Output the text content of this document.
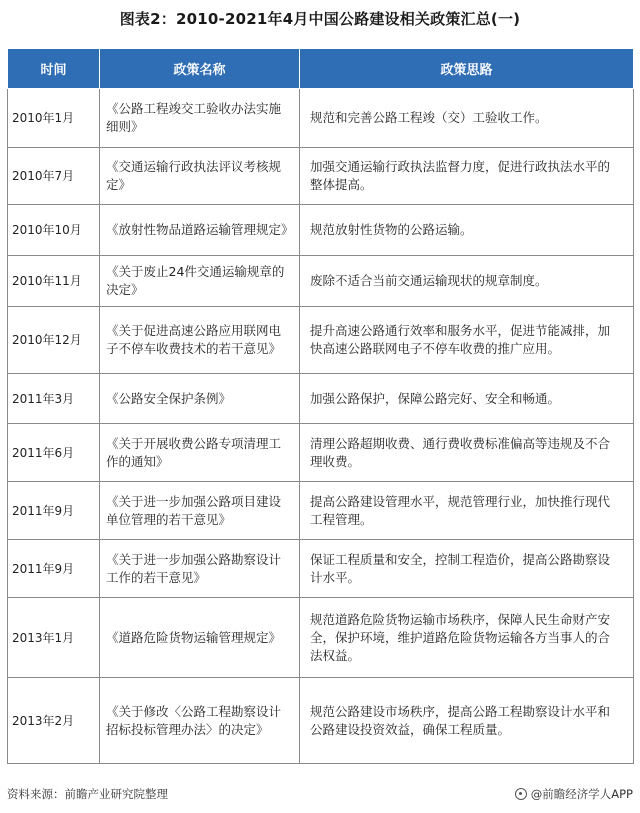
图表2：2010-2021年4月中国公路建设相关政策汇总(一)
时间	政策名称	政策思路
2010年1月	《公路工程竣交工验收办法实施细则》	规范和完善公路工程竣（交）工验收工作。
2010年7月	《交通运输行政执法评议考核规定》	加强交通运输行政执法监督力度，促进行政执法水平的整体提高。
2010年10月	《放射性物品道路运输管理规定》	规范放射性货物的公路运输。
2010年11月	《关于废止24件交通运输规章的决定》	废除不适合当前交通运输现状的规章制度。
2010年12月	《关于促进高速公路应用联网电子不停车收费技术的若干意见》	提升高速公路通行效率和服务水平，促进节能减排，加快高速公路联网电子不停车收费的推广应用。
2011年3月	《公路安全保护条例》	加强公路保护，保障公路完好、安全和畅通。
2011年6月	《关于开展收费公路专项清理工作的通知》	清理公路超期收费、通行费收费标准偏高等违规及不合理收费。
2011年9月	《关于进一步加强公路项目建设单位管理的若干意见》	提高公路建设管理水平，规范管理行业，加快推行现代工程管理。
2011年9月	《关于进一步加强公路勘察设计工作的若干意见》	保证工程质量和安全，控制工程造价，提高公路勘察设计水平。
2013年1月	《道路危险货物运输管理规定》	规范道路危险货物运输市场秩序，保障人民生命财产安全，保护环境，维护道路危险货物运输各方当事人的合法权益。
2013年2月	《关于修改〈公路工程勘察设计招标投标管理办法〉的决定》	规范公路建设市场秩序，提高公路工程勘察设计水平和公路建设投资效益，确保工程质量。
资料来源：前瞻产业研究院整理	@前瞻经济学人APP
